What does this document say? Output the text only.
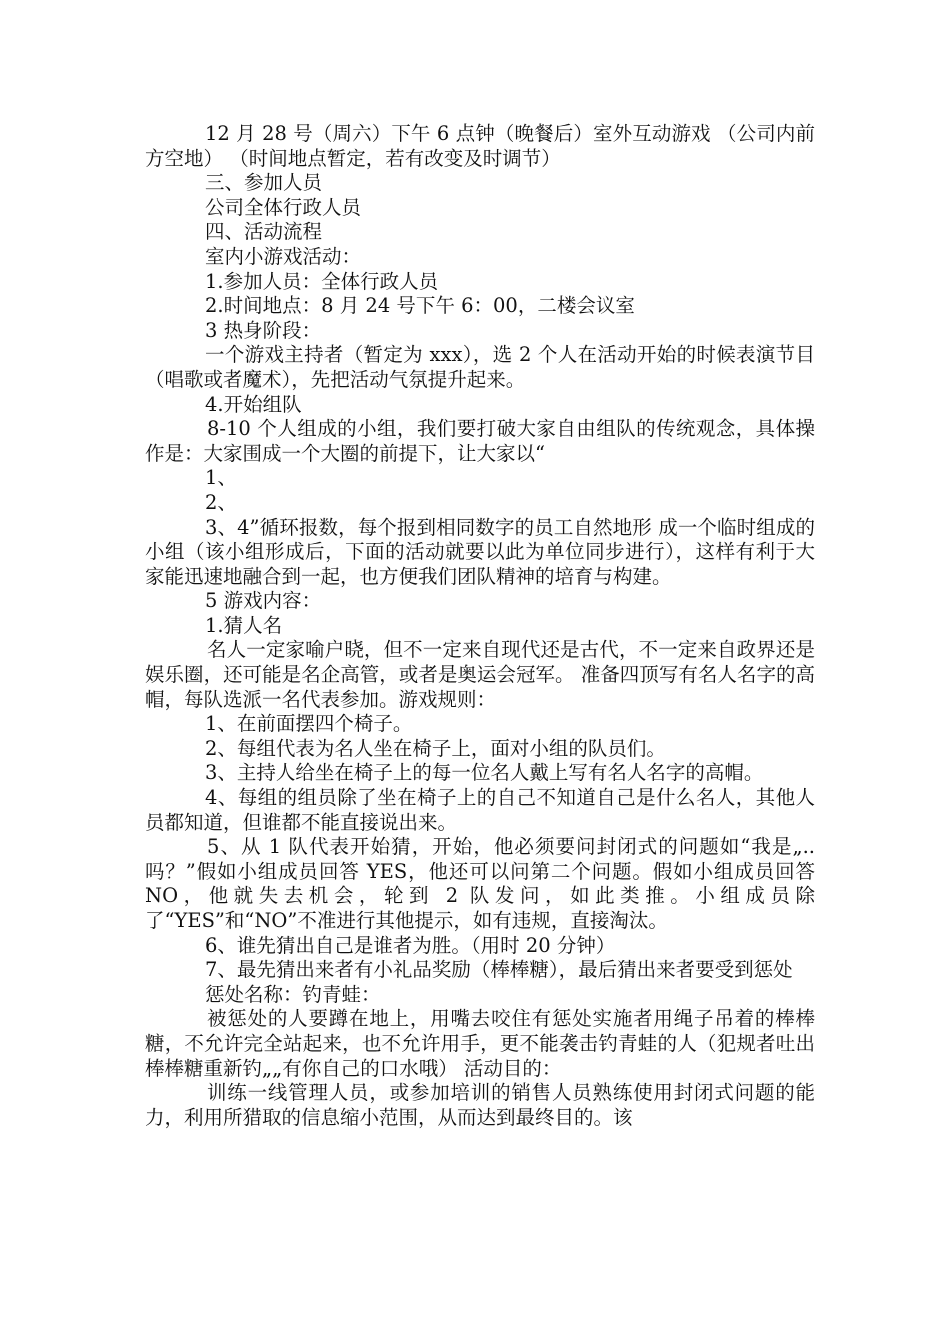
12 月 28 号（周六）下午 6 点钟（晚餐后）室外互动游戏 （公司内前方空地） （时间地点暂定，若有改变及时调节）

三、参加人员

公司全体行政人员

四、活动流程

室内小游戏活动：

1.参加人员：全体行政人员

2.时间地点：8 月 24 号下午 6：00，二楼会议室

3 热身阶段：

一个游戏主持者（暂定为 xxx），选 2 个人在活动开始的时候表演节目（唱歌或者魔术），先把活动气氛提升起来。

4.开始组队

8-10 个人组成的小组，我们要打破大家自由组队的传统观念，具体操作是：大家围成一个大圈的前提下，让大家以“

1、

2、

3、4”循环报数，每个报到相同数字的员工自然地形 成一个临时组成的小组（该小组形成后，下面的活动就要以此为单位同步进行），这样有利于大家能迅速地融合到一起，也方便我们团队精神的培育与构建。

5 游戏内容：

1.猜人名

名人一定家喻户晓，但不一定来自现代还是古代，不一定来自政界还是娱乐圈，还可能是名企高管，或者是奥运会冠军。 准备四顶写有名人名字的高帽，每队选派一名代表参加。游戏规则：

1、在前面摆四个椅子。

2、每组代表为名人坐在椅子上，面对小组的队员们。

3、主持人给坐在椅子上的每一位名人戴上写有名人名字的高帽。

4、每组的组员除了坐在椅子上的自己不知道自己是什么名人，其他人员都知道，但谁都不能直接说出来。

5、从 1 队代表开始猜，开始，他必须要问封闭式的问题如“我是„..吗？”假如小组成员回答 YES，他还可以问第二个问题。假如小组成员回答 NO，他就失去机会，轮到 2 队发问，如此类推。小组成员除了“YES”和“NO”不准进行其他提示，如有违规，直接淘汰。

6、谁先猜出自己是谁者为胜。（用时 20 分钟）

7、最先猜出来者有小礼品奖励（棒棒糖），最后猜出来者要受到惩处

惩处名称：钓青蛙：

被惩处的人要蹲在地上，用嘴去咬住有惩处实施者用绳子吊着的棒棒糖，不允许完全站起来，也不允许用手，更不能袭击钓青蛙的人（犯规者吐出棒棒糖重新钓„„有你自己的口水哦） 活动目的：

训练一线管理人员，或参加培训的销售人员熟练使用封闭式问题的能力，利用所猎取的信息缩小范围，从而达到最终目的。该
